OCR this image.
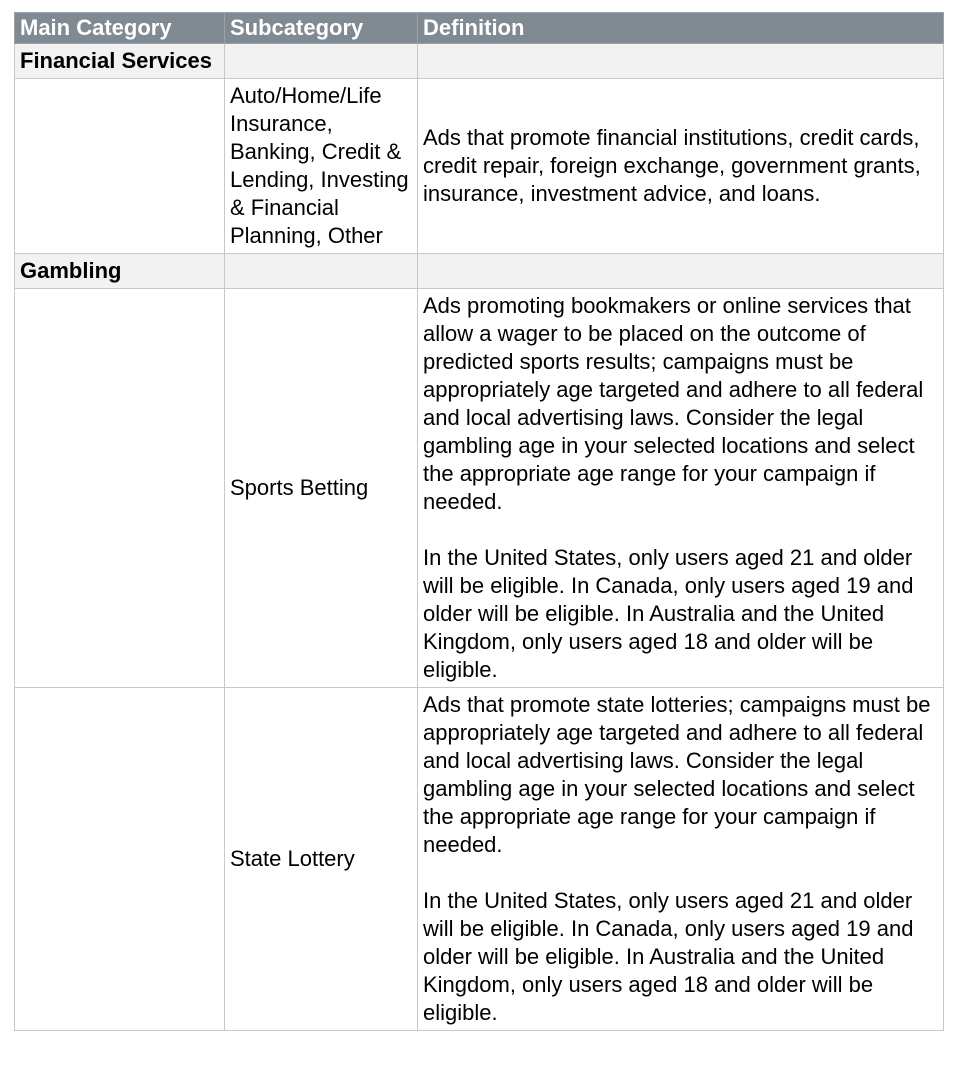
Main Category	Subcategory	Definition
Financial Services		
	Auto/Home/Life Insurance, Banking, Credit & Lending, Investing & Financial Planning, Other	Ads that promote financial institutions, credit cards, credit repair, foreign exchange, government grants, insurance, investment advice, and loans.
Gambling		
	Sports Betting	Ads promoting bookmakers or online services that allow a wager to be placed on the outcome of predicted sports results; campaigns must be appropriately age targeted and adhere to all federal and local advertising laws. Consider the legal gambling age in your selected locations and select the appropriate age range for your campaign if needed.

In the United States, only users aged 21 and older will be eligible. In Canada, only users aged 19 and older will be eligible. In Australia and the United Kingdom, only users aged 18 and older will be eligible.
	State Lottery	Ads that promote state lotteries; campaigns must be appropriately age targeted and adhere to all federal and local advertising laws. Consider the legal gambling age in your selected locations and select the appropriate age range for your campaign if needed.

In the United States, only users aged 21 and older will be eligible. In Canada, only users aged 19 and older will be eligible. In Australia and the United Kingdom, only users aged 18 and older will be eligible.
